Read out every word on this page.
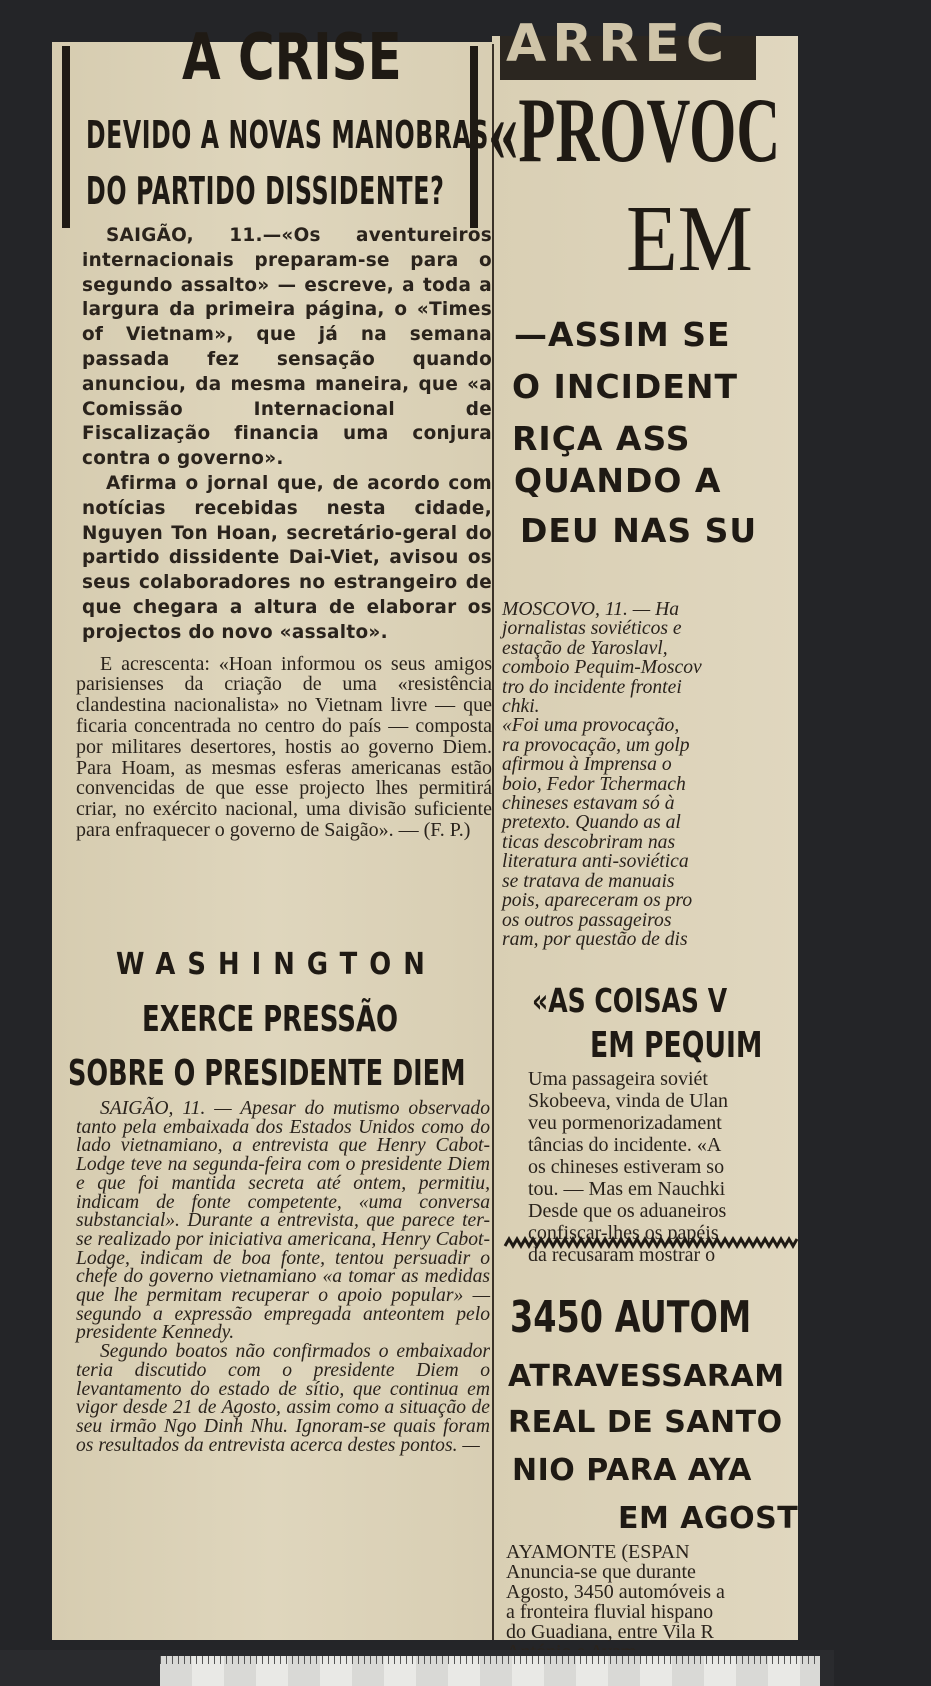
ARREC
A CRISE
DEVIDO A NOVAS MANOBRAS
DO PARTIDO DISSIDENTE?

SAIGÃO, 11.—«Os aventureiros internacionais preparam-se para o segundo assalto» — escreve, a toda a largura da primeira página, o «Times of Vietnam», que já na semana passada fez sensação quando anunciou, da mesma maneira, que «a Comissão Internacional de Fiscalização financia uma conjura contra o governo».

Afirma o jornal que, de acordo com notícias recebidas nesta cidade, Nguyen Ton Hoan, secretário-geral do partido dissidente Dai-Viet, avisou os seus colaboradores no estrangeiro de que chegara a altura de elaborar os projectos do novo «assalto».

E acrescenta: «Hoan informou os seus amigos parisienses da criação de uma «resistência clandestina nacionalista» no Vietnam livre — que ficaria concentrada no centro do país — composta por militares desertores, hostis ao governo Diem. Para Hoam, as mesmas esferas americanas estão convencidas de que esse projecto lhes permitirá criar, no exército nacional, uma divisão suficiente para enfraquecer o governo de Saigão». — (F. P.)

WASHINGTON
EXERCE PRESSÃO
SOBRE O PRESIDENTE DIEM

SAIGÃO, 11. — Apesar do mutismo observado tanto pela embaixada dos Estados Unidos como do lado vietnamiano, a entrevista que Henry Cabot-Lodge teve na segunda-feira com o presidente Diem e que foi mantida secreta até ontem, permitiu, indicam de fonte competente, «uma conversa substancial». Durante a entrevista, que parece ter-se realizado por iniciativa americana, Henry Cabot-Lodge, indicam de boa fonte, tentou persuadir o chefe do governo vietnamiano «a tomar as medidas que lhe permitam recuperar o apoio popular» — segundo a expressão empregada anteontem pelo presidente Kennedy.

Segundo boatos não confirmados o embaixador teria discutido com o presidente Diem o levantamento do estado de sítio, que continua em vigor desde 21 de Agosto, assim como a situação de seu irmão Ngo Dinh Nhu. Ignoram-se quais foram os resultados da entrevista acerca destes pontos. —

«PROVOC
EM
—ASSIM SE
O INCIDENT
RIÇA ASS
QUANDO A
DEU NAS SU
MOSCOVO, 11. — Ha
jornalistas soviéticos e
estação de Yaroslavl,
comboio Pequim-Moscov
tro do incidente frontei
chki.
«Foi uma provocação,
ra provocação, um golp
afirmou à Imprensa o
boio, Fedor Tchermach
chineses estavam só à
pretexto. Quando as al
ticas descobriram nas
literatura anti-soviética
se tratava de manuais
pois, apareceram os pro
os outros passageiros
ram, por questão de dis
«AS COISAS V
EM PEQUIM
Uma passageira soviét
Skobeeva, vinda de Ulan
veu pormenorizadament
tâncias do incidente. «A
os chineses estiveram so
tou. — Mas em Nauchki
Desde que os aduaneiros
confiscar-lhes os papéis
da recusaram mostrar o
3450 AUTOM
ATRAVESSARAM
REAL DE SANTO
NIO PARA AYA
EM AGOST
AYAMONTE (ESPAN
Anuncia-se que durante
Agosto, 3450 automóveis a
a fronteira fluvial hispano
do Guadiana, entre Vila R
